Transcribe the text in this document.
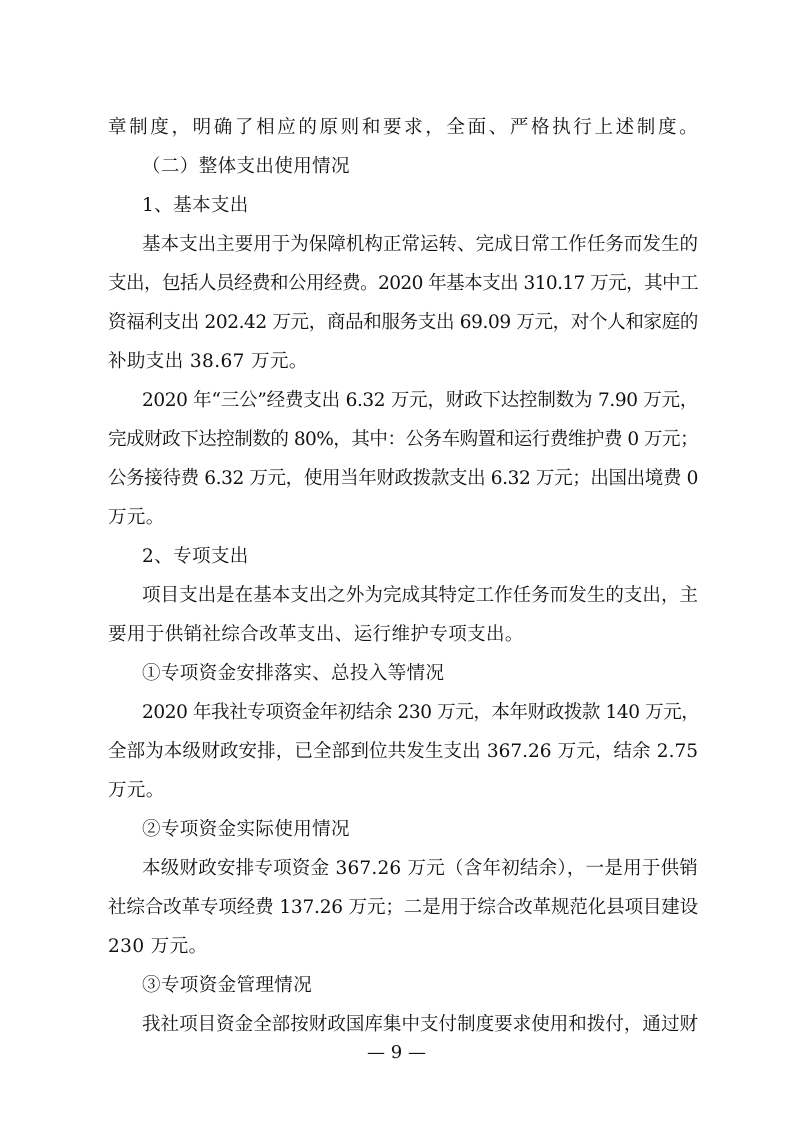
章制度，明确了相应的原则和要求，全面、严格执行上述制度。
（二）整体支出使用情况
1、基本支出
基本支出主要用于为保障机构正常运转、完成日常工作任务而发生的
支出，包括人员经费和公用经费。2020 年基本支出 310.17 万元，其中工
资福利支出 202.42 万元，商品和服务支出 69.09 万元，对个人和家庭的
补助支出 38.67 万元。
2020 年“三公”经费支出 6.32 万元，财政下达控制数为 7.90 万元，
完成财政下达控制数的 80%，其中：公务车购置和运行费维护费 0 万元；
公务接待费 6.32 万元，使用当年财政拨款支出 6.32 万元；出国出境费 0
万元。
2、专项支出
项目支出是在基本支出之外为完成其特定工作任务而发生的支出，主
要用于供销社综合改革支出、运行维护专项支出。
①专项资金安排落实、总投入等情况
2020 年我社专项资金年初结余 230 万元，本年财政拨款 140 万元，
全部为本级财政安排，已全部到位共发生支出 367.26 万元，结余 2.75
万元。
②专项资金实际使用情况
本级财政安排专项资金 367.26 万元（含年初结余），一是用于供销
社综合改革专项经费 137.26 万元；二是用于综合改革规范化县项目建设
230 万元。
③专项资金管理情况
我社项目资金全部按财政国库集中支付制度要求使用和拨付，通过财
— 9 —
